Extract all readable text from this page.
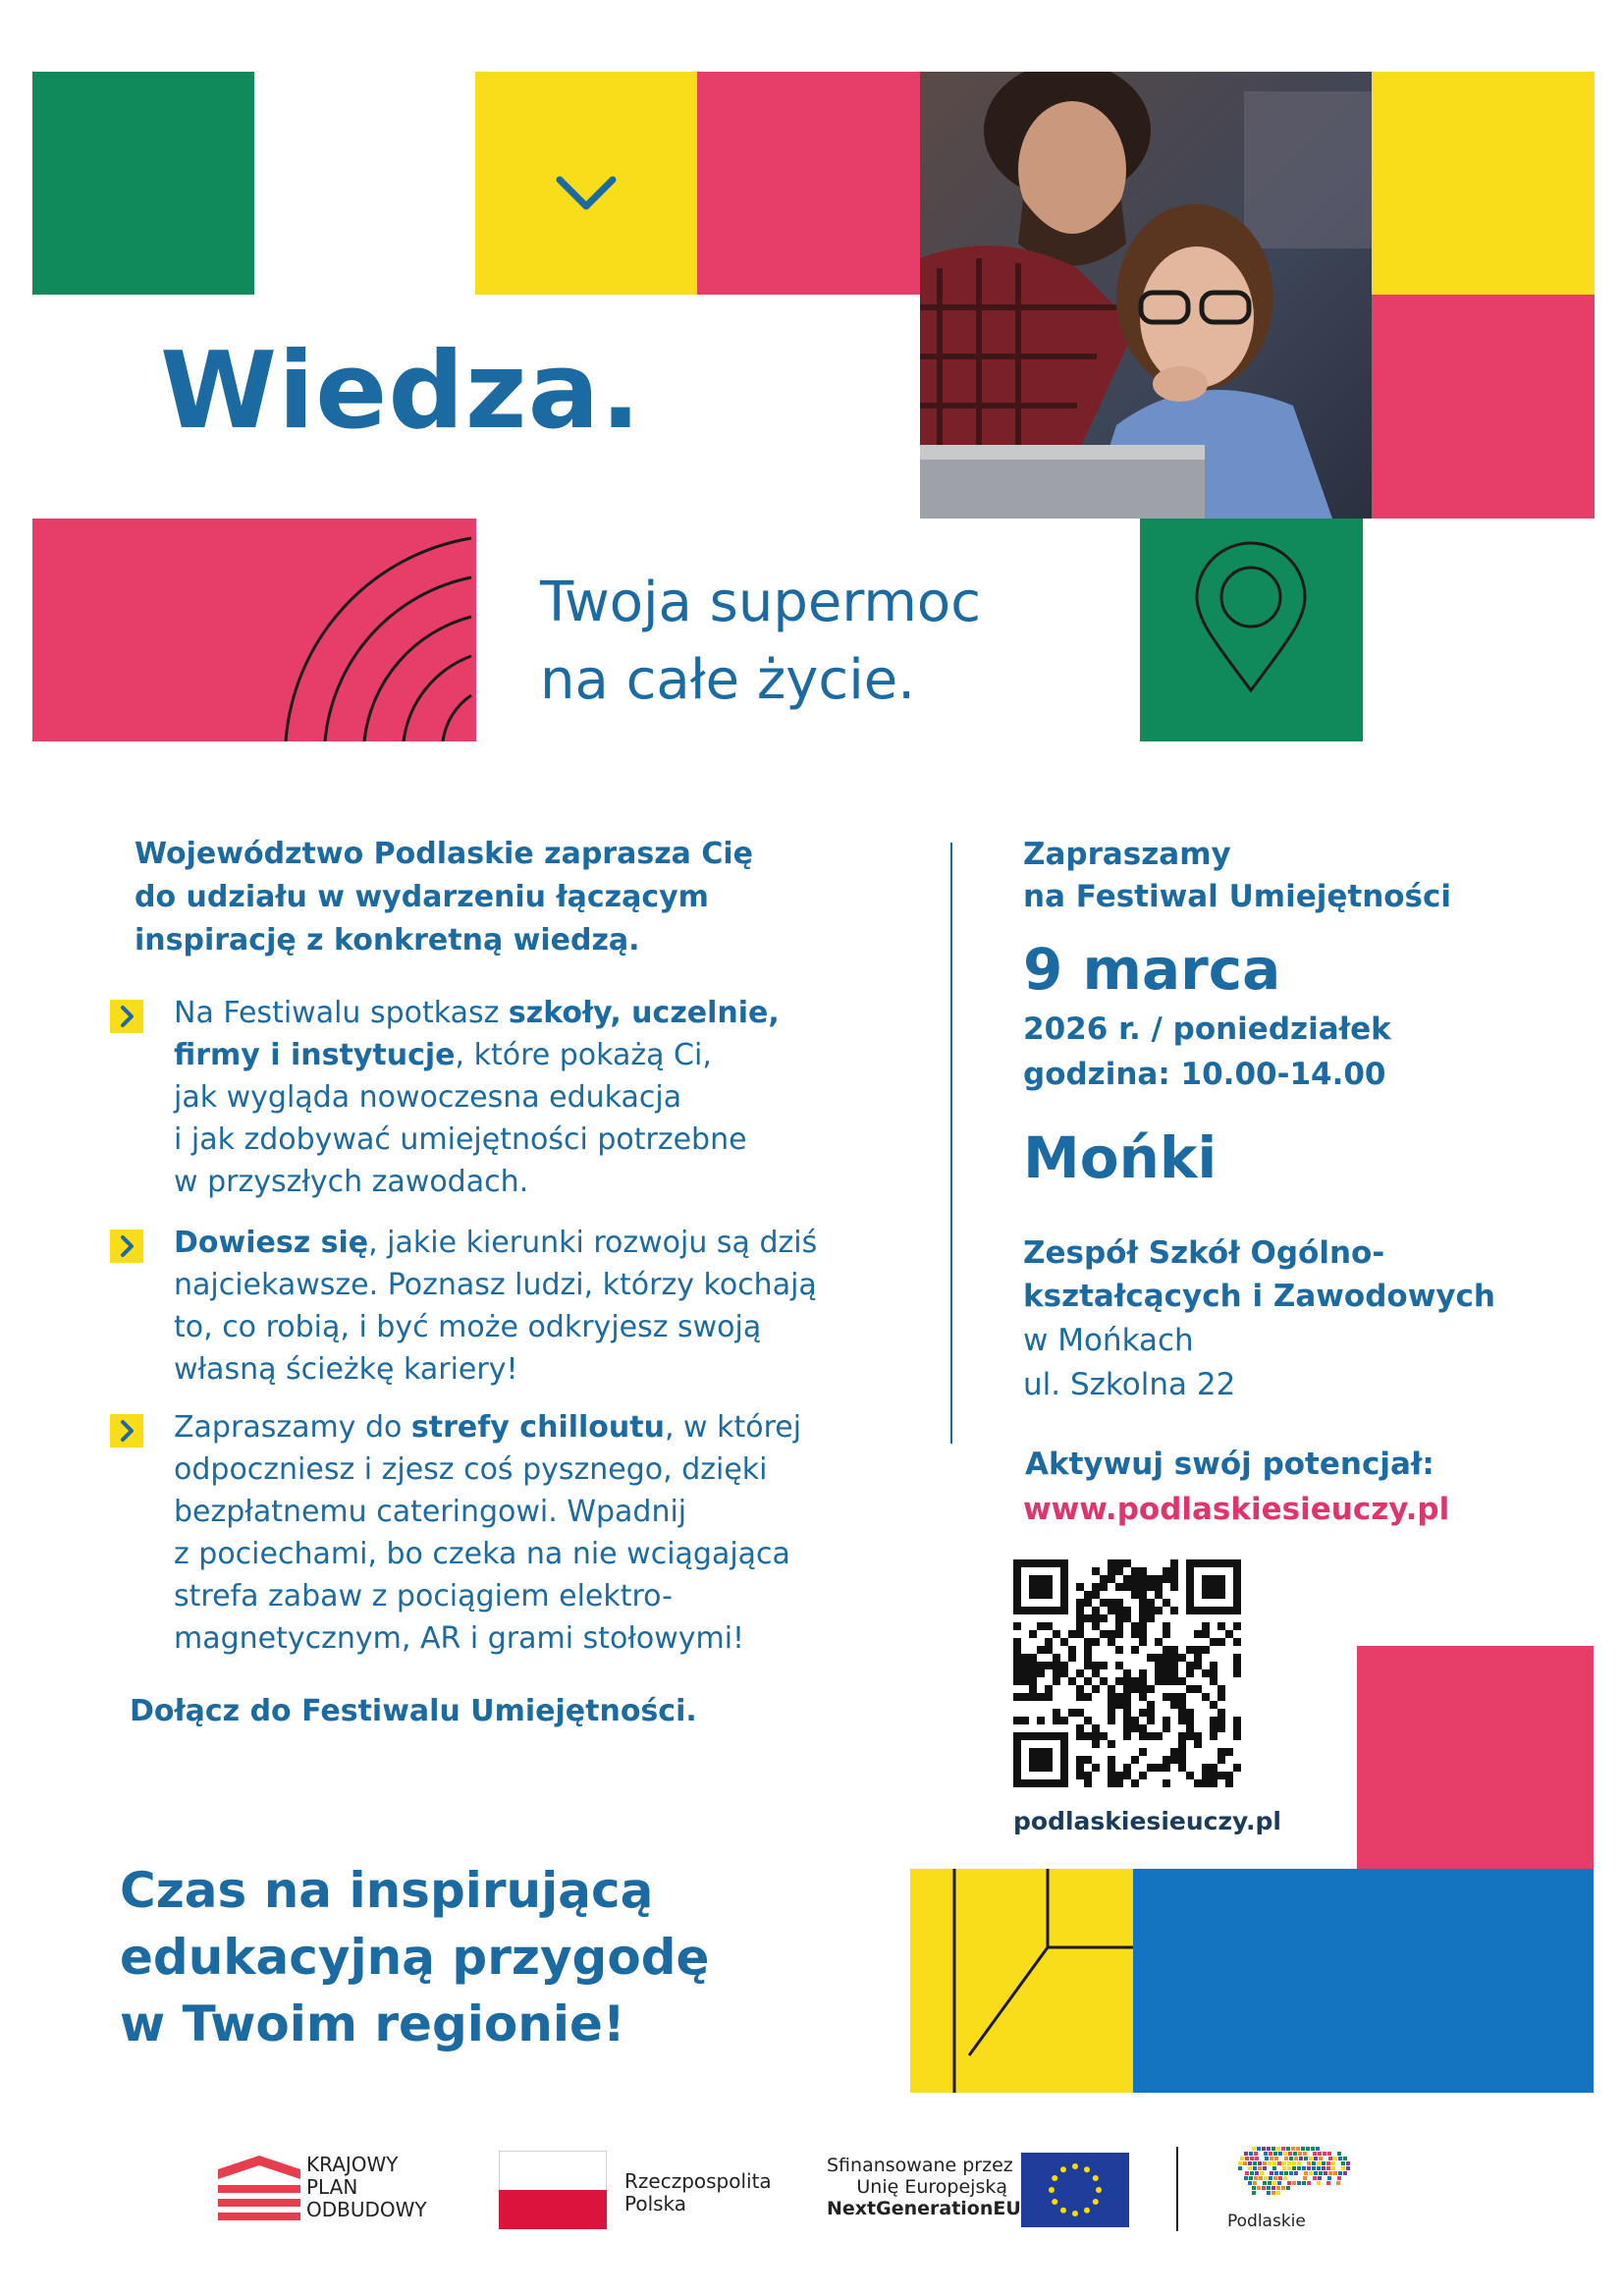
Wiedza.
Twoja supermoc
na całe życie.
Województwo Podlaskie zaprasza Cię
do udziału w wydarzeniu łączącym
inspirację z konkretną wiedzą.
Na Festiwalu spotkasz szkoły, uczelnie,
firmy i instytucje, które pokażą Ci,
jak wygląda nowoczesna edukacja
i jak zdobywać umiejętności potrzebne
w przyszłych zawodach.
Dowiesz się, jakie kierunki rozwoju są dziś
najciekawsze. Poznasz ludzi, którzy kochają
to, co robią, i być może odkryjesz swoją
własną ścieżkę kariery!
Zapraszamy do strefy chilloutu, w której
odpoczniesz i zjesz coś pysznego, dzięki
bezpłatnemu cateringowi. Wpadnij
z pociechami, bo czeka na nie wciągająca
strefa zabaw z pociągiem elektro-
magnetycznym, AR i grami stołowymi!
Dołącz do Festiwalu Umiejętności.
Zapraszamy
na Festiwal Umiejętności
9 marca
2026 r. / poniedziałek
godzina: 10.00-14.00
Mońki
Zespół Szkół Ogólno-
kształcących i Zawodowych
w Mońkach
ul. Szkolna 22
Aktywuj swój potencjał:
www.podlaskiesieuczy.pl
podlaskiesieuczy.pl
Czas na inspirującą
edukacyjną przygodę
w Twoim regionie!
KRAJOWY
PLAN
ODBUDOWY
Rzeczpospolita
Polska
Sfinansowane przez
Unię Europejską
NextGenerationEU
Podlaskie
